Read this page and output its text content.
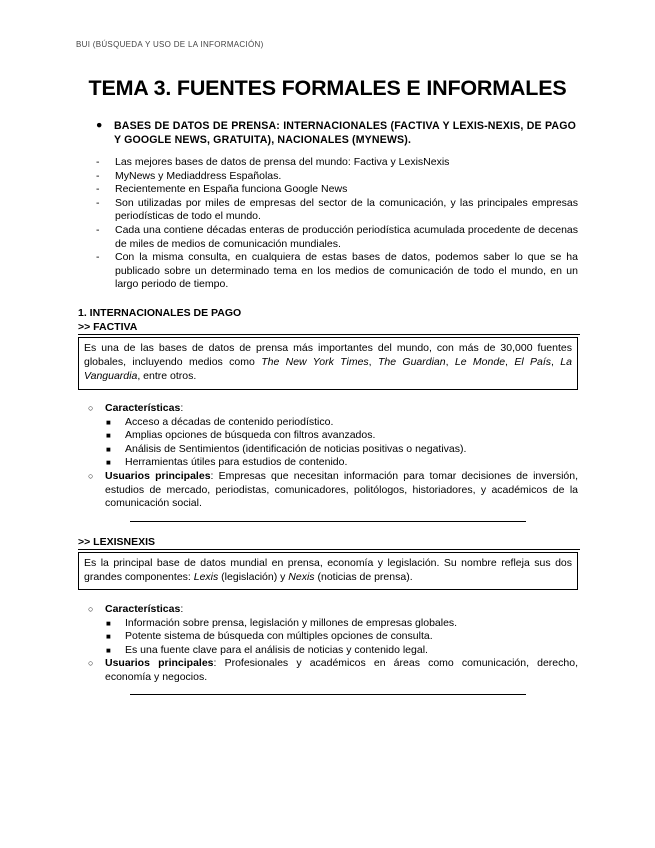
BUI (BÚSQUEDA Y USO DE LA INFORMACIÓN)
TEMA 3. FUENTES FORMALES E INFORMALES
● BASES DE DATOS DE PRENSA: INTERNACIONALES (FACTIVA Y LEXIS-NEXIS, DE PAGO Y GOOGLE NEWS, GRATUITA), NACIONALES (MYNEWS).
- Las mejores bases de datos de prensa del mundo: Factiva y LexisNexis
- MyNews y Mediaddress Españolas.
- Recientemente en España funciona Google News
- Son utilizadas por miles de empresas del sector de la comunicación, y las principales empresas periodísticas de todo el mundo.
- Cada una contiene décadas enteras de producción periodística acumulada procedente de decenas de miles de medios de comunicación mundiales.
- Con la misma consulta, en cualquiera de estas bases de datos, podemos saber lo que se ha publicado sobre un determinado tema en los medios de comunicación de todo el mundo, en un largo periodo de tiempo.
1. INTERNACIONALES DE PAGO
>> FACTIVA
Es una de las bases de datos de prensa más importantes del mundo, con más de 30,000 fuentes globales, incluyendo medios como The New York Times, The Guardian, Le Monde, El País, La Vanguardia, entre otros.
○ Características:
■ Acceso a décadas de contenido periodístico.
■ Amplias opciones de búsqueda con filtros avanzados.
■ Análisis de Sentimientos (identificación de noticias positivas o negativas).
■ Herramientas útiles para estudios de contenido.
○ Usuarios principales: Empresas que necesitan información para tomar decisiones de inversión, estudios de mercado, periodistas, comunicadores, politólogos, historiadores, y académicos de la comunicación social.
>> LEXISNEXIS
Es la principal base de datos mundial en prensa, economía y legislación. Su nombre refleja sus dos grandes componentes: Lexis (legislación) y Nexis (noticias de prensa).
○ Características:
■ Información sobre prensa, legislación y millones de empresas globales.
■ Potente sistema de búsqueda con múltiples opciones de consulta.
■ Es una fuente clave para el análisis de noticias y contenido legal.
○ Usuarios principales: Profesionales y académicos en áreas como comunicación, derecho, economía y negocios.
